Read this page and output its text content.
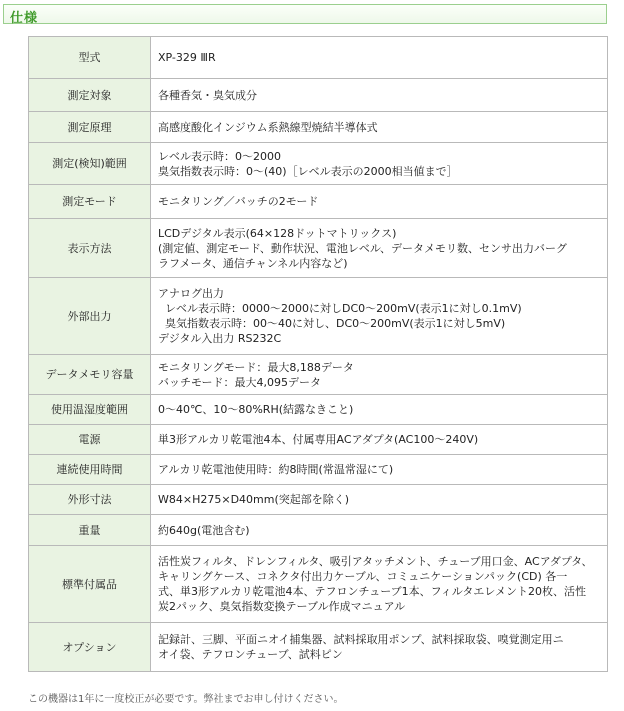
仕様
型式	XP-329 ⅢR

測定対象	各種香気・臭気成分

測定原理	高感度酸化インジウム系熱線型焼結半導体式

測定(検知)範囲	レベル表示時：0～2000
臭気指数表示時：0～(40)［レベル表示の2000相当値まで］

測定モード	モニタリング／バッチの2モード

表示方法	LCDデジタル表示(64×128ドットマトリックス)
(測定値、測定モード、動作状況、電池レベル、データメモリ数、センサ出力バーグ
ラフメータ、通信チャンネル内容など)

外部出力	アナログ出力
レベル表示時：0000～2000に対しDC0～200mV(表示1に対し0.1mV)
臭気指数表示時：00～40に対し、DC0～200mV(表示1に対し5mV)
デジタル入出力 RS232C

データメモリ容量	モニタリングモード：最大8,188データ
バッチモード：最大4,095データ

使用温湿度範囲	0～40℃、10～80%RH(結露なきこと)

電源	単3形アルカリ乾電池4本、付属専用ACアダプタ(AC100～240V)

連続使用時間	アルカリ乾電池使用時：約8時間(常温常湿にて)

外形寸法	W84×H275×D40mm(突起部を除く)

重量	約640g(電池含む)

標準付属品	活性炭フィルタ、ドレンフィルタ、吸引アタッチメント、チューブ用口金、ACアダプタ、
キャリングケース、コネクタ付出力ケーブル、コミュニケーションパック(CD) 各一
式、単3形アルカリ乾電池4本、テフロンチューブ1本、フィルタエレメント20枚、活性
炭2パック、臭気指数変換テーブル作成マニュアル

オプション	記録計、三脚、平面ニオイ捕集器、試料採取用ポンプ、試料採取袋、嗅覚測定用ニ
オイ袋、テフロンチューブ、試料ピン
この機器は1年に一度校正が必要です。弊社までお申し付けください。
